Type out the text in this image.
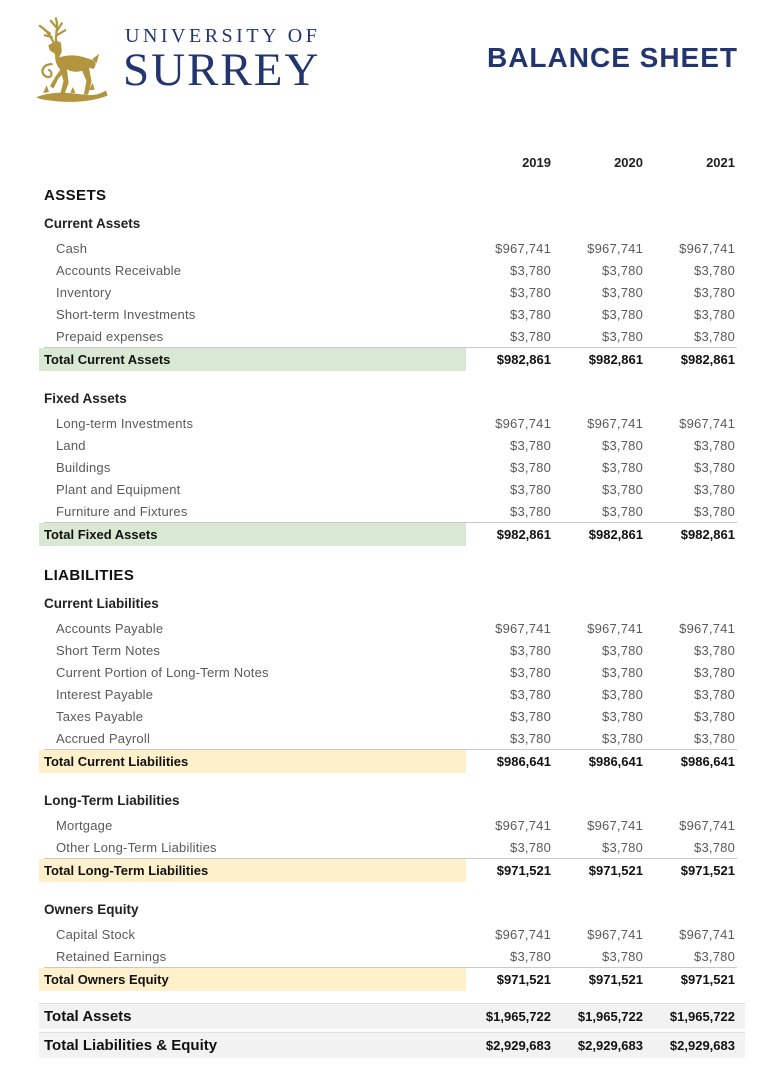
UNIVERSITY OF
SURREY	BALANCE SHEET
2019	2020	2021
ASSETS
Current Assets
Cash	$967,741	$967,741	$967,741
Accounts Receivable	$3,780	$3,780	$3,780
Inventory	$3,780	$3,780	$3,780
Short-term Investments	$3,780	$3,780	$3,780
Prepaid expenses	$3,780	$3,780	$3,780
Total Current Assets	$982,861	$982,861	$982,861
Fixed Assets
Long-term Investments	$967,741	$967,741	$967,741
Land	$3,780	$3,780	$3,780
Buildings	$3,780	$3,780	$3,780
Plant and Equipment	$3,780	$3,780	$3,780
Furniture and Fixtures	$3,780	$3,780	$3,780
Total Fixed Assets	$982,861	$982,861	$982,861
LIABILITIES
Current Liabilities
Accounts Payable	$967,741	$967,741	$967,741
Short Term Notes	$3,780	$3,780	$3,780
Current Portion of Long-Term Notes	$3,780	$3,780	$3,780
Interest Payable	$3,780	$3,780	$3,780
Taxes Payable	$3,780	$3,780	$3,780
Accrued Payroll	$3,780	$3,780	$3,780
Total Current Liabilities	$986,641	$986,641	$986,641
Long-Term Liabilities
Mortgage	$967,741	$967,741	$967,741
Other Long-Term Liabilities	$3,780	$3,780	$3,780
Total Long-Term Liabilities	$971,521	$971,521	$971,521
Owners Equity
Capital Stock	$967,741	$967,741	$967,741
Retained Earnings	$3,780	$3,780	$3,780
Total Owners Equity	$971,521	$971,521	$971,521
Total Assets	$1,965,722	$1,965,722	$1,965,722
Total Liabilities & Equity	$2,929,683	$2,929,683	$2,929,683
